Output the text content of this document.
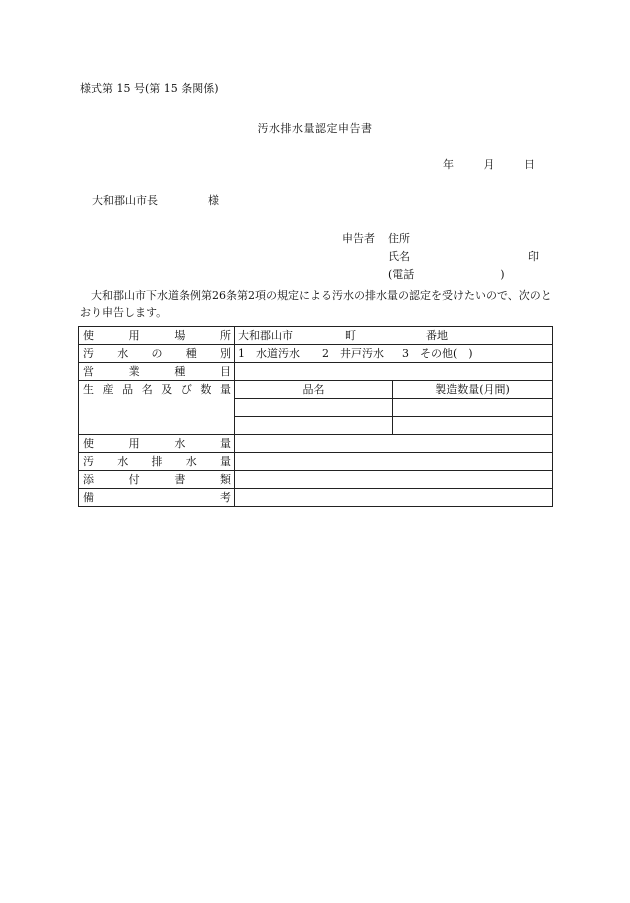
様式第 15 号(第 15 条関係)
汚水排水量認定申告書
年	月	日
大和郡山市長	様
申告者 住所
氏名	印
(電話	)

大和郡山市下水道条例第26条第2項の規定による汚水の排水量の認定を受けたいので、次のとおり申告します。

使　用　場　所	大和郡山市 町 番地	
汚　水　の　種　別	1　水道汚水 2　井戸汚水 3　その他(　)	
営　業　種　目		
生 産 品 名 及 び 数 量	品名	製造数量(月間)

使　用　水　量		
汚　水　排　水　量		
添　付　書　類		
備　　　　考		
